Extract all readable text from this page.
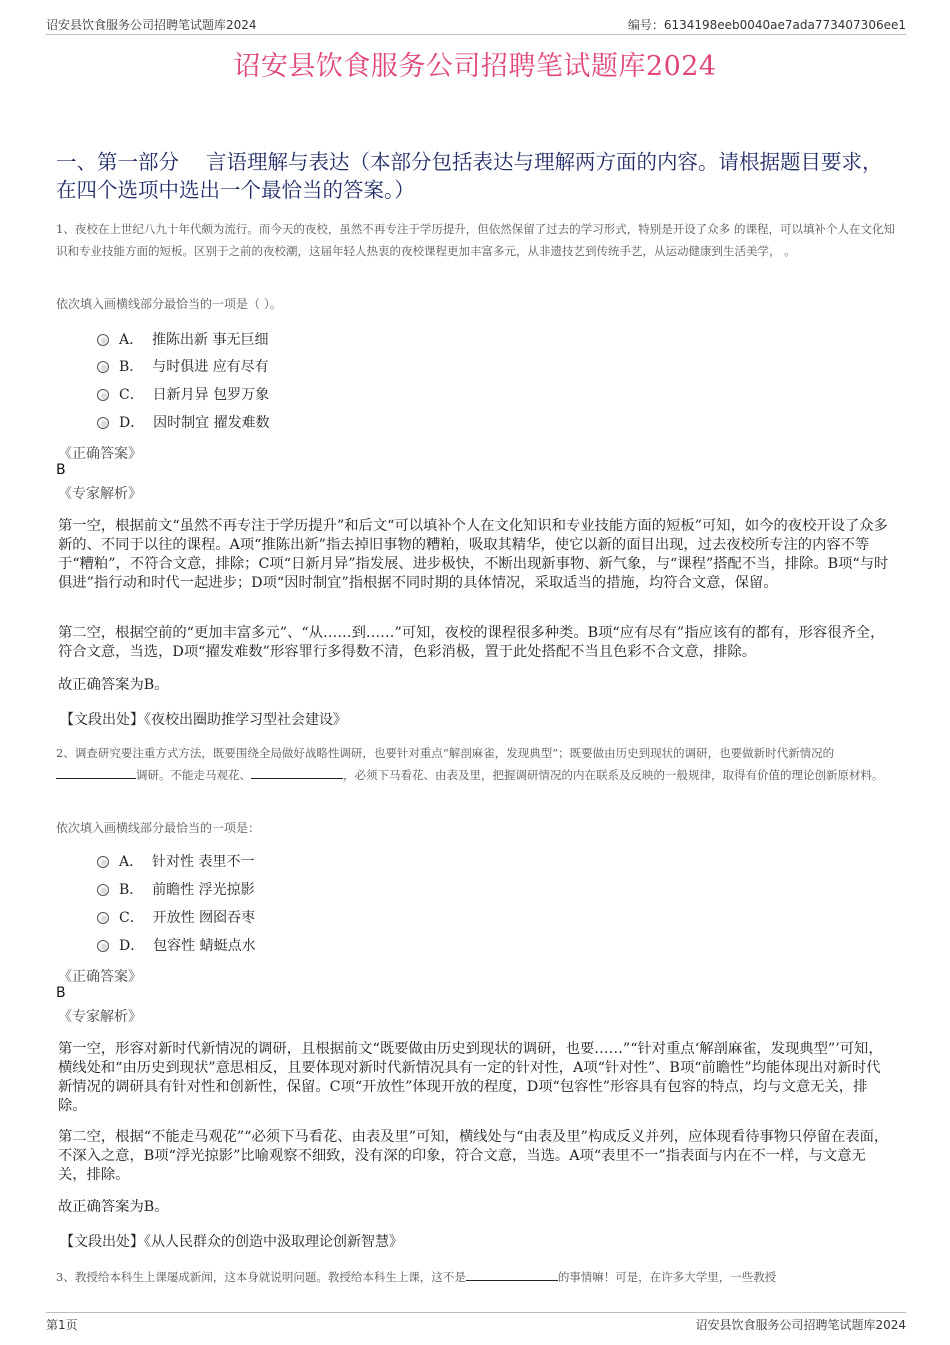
诏安县饮食服务公司招聘笔试题库2024	编号：6134198eeb0040ae7ada773407306ee1
诏安县饮食服务公司招聘笔试题库2024
一、第一部分　 言语理解与表达（本部分包括表达与理解两方面的内容。请根据题目要求，在四个选项中选出一个最恰当的答案。）
1、夜校在上世纪八九十年代颇为流行。而今天的夜校，虽然不再专注于学历提升，但依然保留了过去的学习形式，特别是开设了众多 的课程，可以填补个人在文化知识和专业技能方面的短板。区别于之前的夜校潮，这届年轻人热衷的夜校课程更加丰富多元，从非遗技艺到传统手艺，从运动健康到生活美学， 。
依次填入画横线部分最恰当的一项是（ ）。
A． 推陈出新 事无巨细
B． 与时俱进 应有尽有
C． 日新月异 包罗万象
D． 因时制宜 擢发难数
《正确答案》
B
《专家解析》
第一空，根据前文“虽然不再专注于学历提升”和后文“可以填补个人在文化知识和专业技能方面的短板”可知，如今的夜校开设了众多新的、不同于以往的课程。A项“推陈出新”指去掉旧事物的糟粕，吸取其精华，使它以新的面目出现，过去夜校所专注的内容不等于“糟粕”，不符合文意，排除；C项“日新月异”指发展、进步极快，不断出现新事物、新气象，与“课程”搭配不当，排除。B项“与时俱进”指行动和时代一起进步；D项“因时制宜”指根据不同时期的具体情况，采取适当的措施，均符合文意，保留。
第二空，根据空前的“更加丰富多元”、“从……到……”可知，夜校的课程很多种类。B项“应有尽有”指应该有的都有，形容很齐全，符合文意，当选，D项“擢发难数”形容罪行多得数不清，色彩消极，置于此处搭配不当且色彩不合文意，排除。
故正确答案为B。
【文段出处】《夜校出圈助推学习型社会建设》
2、调查研究要注重方式方法，既要围绕全局做好战略性调研，也要针对重点“解剖麻雀，发现典型”；既要做由历史到现状的调研，也要做新时代新情况的调研。不能走马观花、	，必须下马看花、由表及里，把握调研情况的内在联系及反映的一般规律，取得有价值的理论创新原材料。
依次填入画横线部分最恰当的一项是：
A． 针对性 表里不一
B． 前瞻性 浮光掠影
C． 开放性 囫囵吞枣
D． 包容性 蜻蜓点水
《正确答案》
B
《专家解析》
第一空，形容对新时代新情况的调研，且根据前文“既要做由历史到现状的调研，也要……”“针对重点‘解剖麻雀，发现典型”’可知，横线处和“由历史到现状”意思相反，且要体现对新时代新情况具有一定的针对性，A项“针对性”、B项“前瞻性”均能体现出对新时代新情况的调研具有针对性和创新性，保留。C项“开放性”体现开放的程度，D项“包容性”形容具有包容的特点，均与文意无关，排除。
第二空，根据“不能走马观花”“必须下马看花、由表及里”可知，横线处与“由表及里”构成反义并列，应体现看待事物只停留在表面，不深入之意，B项“浮光掠影”比喻观察不细致，没有深的印象，符合文意，当选。A项“表里不一”指表面与内在不一样，与文意无关，排除。
故正确答案为B。
【文段出处】《从人民群众的创造中汲取理论创新智慧》
3、教授给本科生上课屡成新闻，这本身就说明问题。教授给本科生上课，这不是	的事情嘛！可是，在许多大学里，一些教授
第1页	诏安县饮食服务公司招聘笔试题库2024
